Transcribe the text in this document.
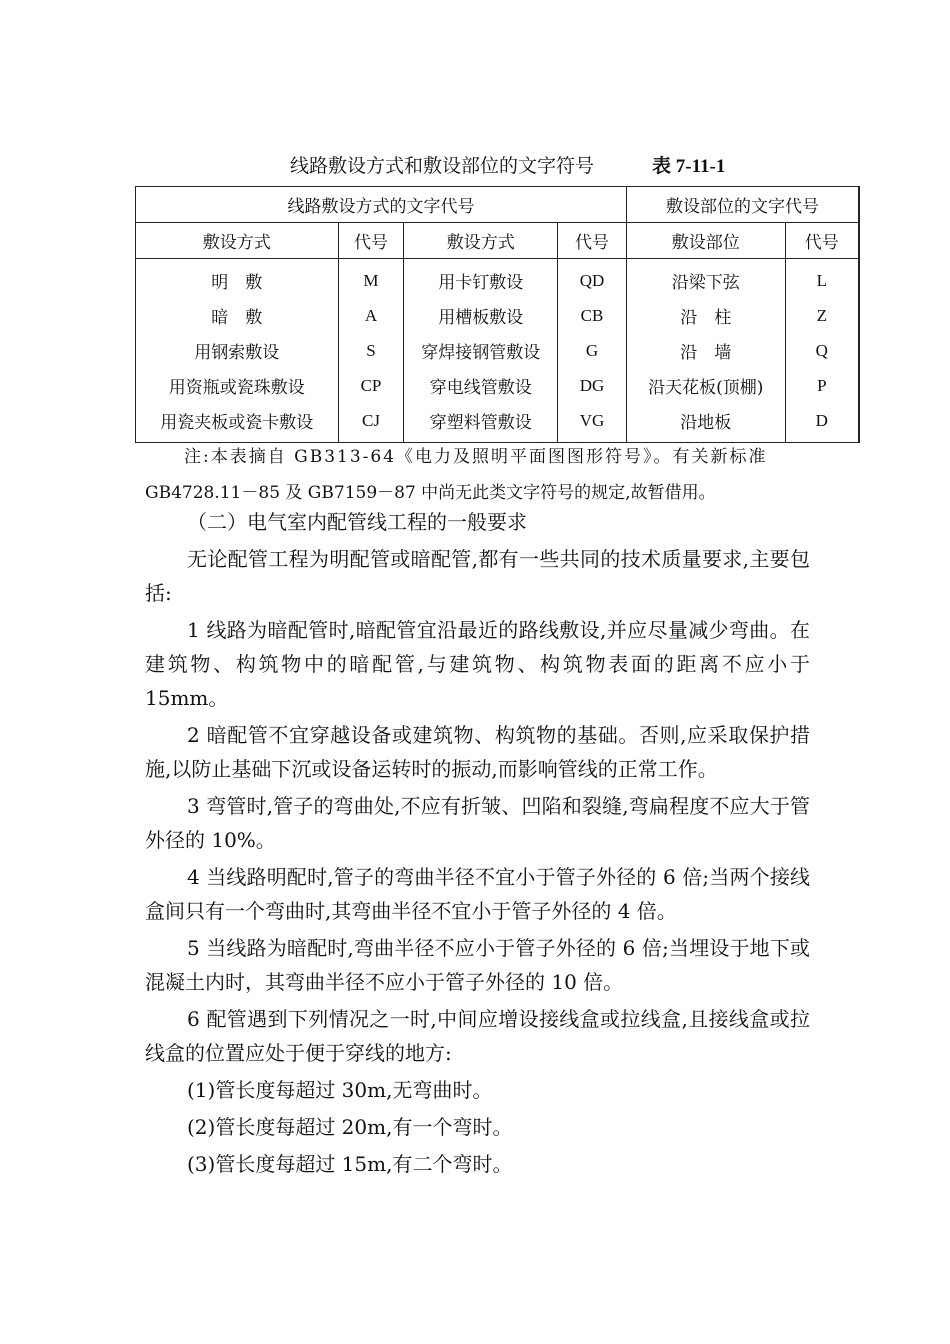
线路敷设方式和敷设部位的文字符号	表 7-11-1
线路敷设方式的文字代号				敷设部位的文字代号	
敷设方式	代号	敷设方式	代号	敷设部位	代号
明　敷	M	用卡钉敷设	QD	沿梁下弦	L
暗　敷	A	用槽板敷设	CB	沿　柱	Z
用钢索敷设	S	穿焊接钢管敷设	G	沿　墙	Q
用资瓶或瓷珠敷设	CP	穿电线管敷设	DG	沿天花板(顶棚)	P
用瓷夹板或瓷卡敷设	CJ	穿塑料管敷设	VG	沿地板	D
注:本表摘自 GB313-64《电力及照明平面图图形符号》。有关新标准
GB4728.11－85 及 GB7159－87 中尚无此类文字符号的规定,故暂借用。

（二）电气室内配管线工程的一般要求

无论配管工程为明配管或暗配管,都有一些共同的技术质量要求,主要包括:

1 线路为暗配管时,暗配管宜沿最近的路线敷设,并应尽量减少弯曲。在建筑物、构筑物中的暗配管,与建筑物、构筑物表面的距离不应小于 15mm。

2 暗配管不宜穿越设备或建筑物、构筑物的基础。否则,应采取保护措施,以防止基础下沉或设备运转时的振动,而影响管线的正常工作。

3 弯管时,管子的弯曲处,不应有折皱、凹陷和裂缝,弯扁程度不应大于管外径的 10%。

4 当线路明配时,管子的弯曲半径不宜小于管子外径的 6 倍;当两个接线盒间只有一个弯曲时,其弯曲半径不宜小于管子外径的 4 倍。

5 当线路为暗配时,弯曲半径不应小于管子外径的 6 倍;当埋设于地下或混凝土内时，其弯曲半径不应小于管子外径的 10 倍。

6 配管遇到下列情况之一时,中间应增设接线盒或拉线盒,且接线盒或拉线盒的位置应处于便于穿线的地方:

(1)管长度每超过 30m,无弯曲时。

(2)管长度每超过 20m,有一个弯时。

(3)管长度每超过 15m,有二个弯时。
